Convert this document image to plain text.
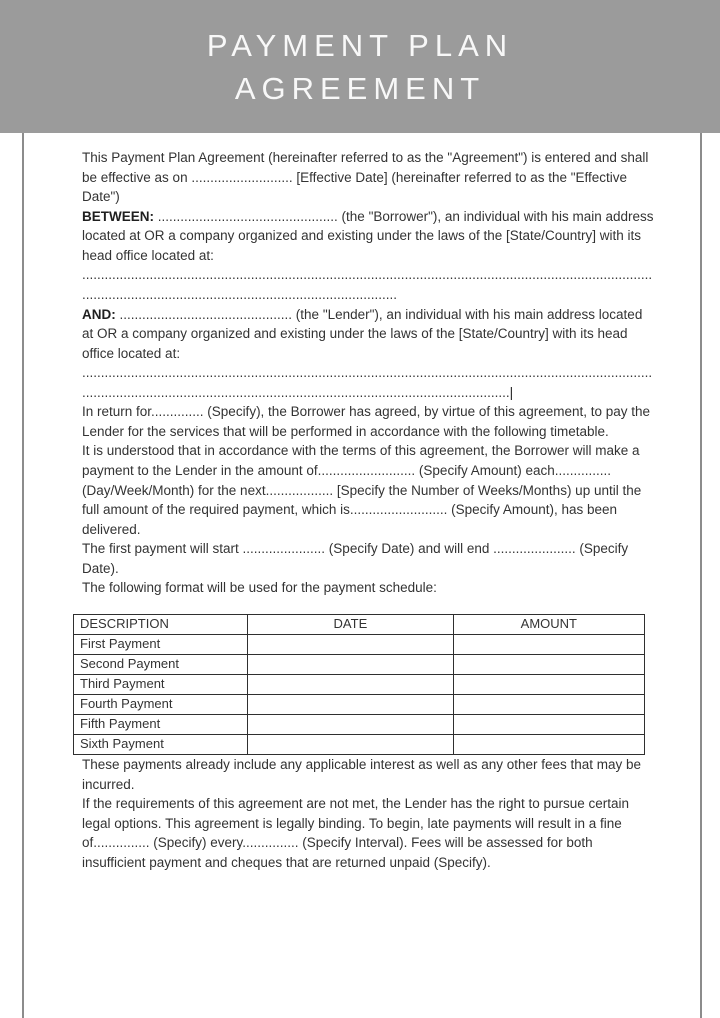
PAYMENT PLAN
AGREEMENT

This Payment Plan Agreement (hereinafter referred to as the "Agreement") is entered and shall be effective as on ........................... [Effective Date] (hereinafter referred to as the "Effective Date")

BETWEEN: ................................................ (the "Borrower"), an individual with his main address located at OR a company organized and existing under the laws of the [State/Country] with its head office located at: ............................................................................................................................................................................................................................................

AND: .............................................. (the "Lender"), an individual with his main address located at OR a company organized and existing under the laws of the [State/Country] with its head office located at: ..........................................................................................................................................................................................................................................................................|

In return for.............. (Specify), the Borrower has agreed, by virtue of this agreement, to pay the Lender for the services that will be performed in accordance with the following timetable.

It is understood that in accordance with the terms of this agreement, the Borrower will make a payment to the Lender in the amount of.......................... (Specify Amount) each............... (Day/Week/Month) for the next.................. [Specify the Number of Weeks/Months) up until the full amount of the required payment, which is.......................... (Specify Amount), has been delivered.

The first payment will start ...................... (Specify Date) and will end ...................... (Specify Date).

The following format will be used for the payment schedule:

DESCRIPTION	DATE	AMOUNT
First Payment		
Second Payment		
Third Payment		
Fourth Payment		
Fifth Payment		
Sixth Payment		

These payments already include any applicable interest as well as any other fees that may be incurred.

If the requirements of this agreement are not met, the Lender has the right to pursue certain legal options. This agreement is legally binding. To begin, late payments will result in a fine of............... (Specify) every............... (Specify Interval). Fees will be assessed for both insufficient payment and cheques that are returned unpaid (Specify).
